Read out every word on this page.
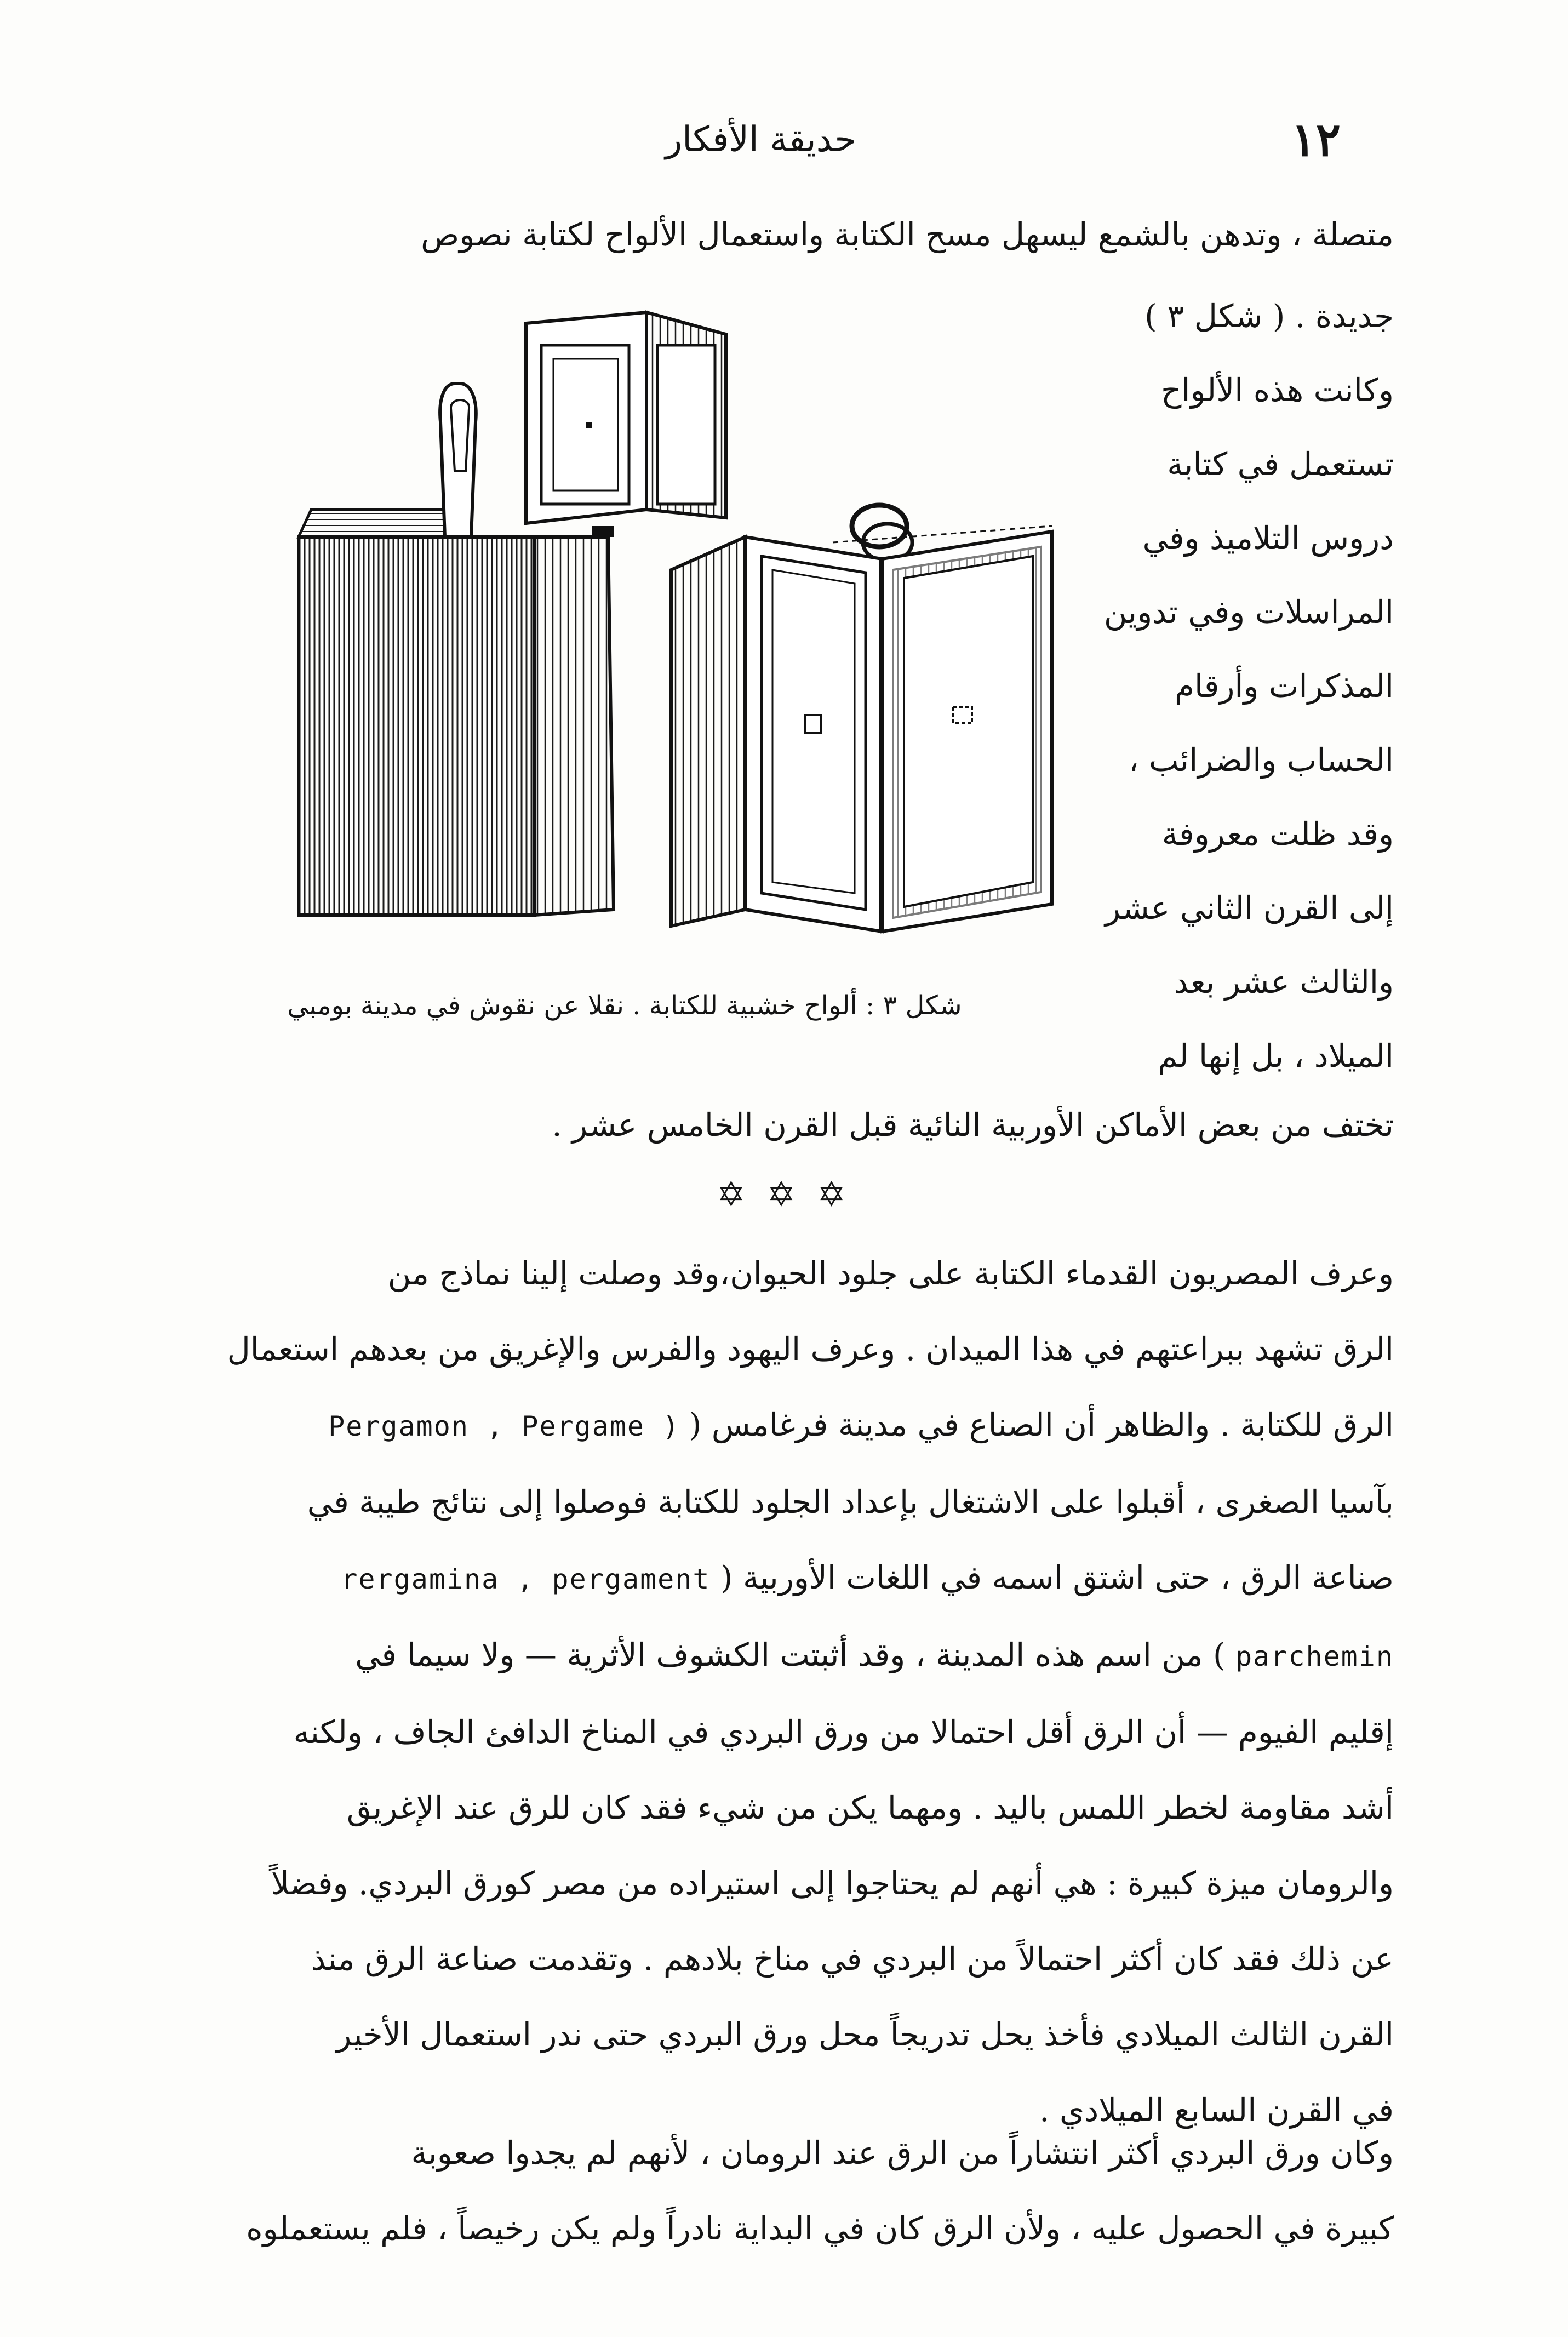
١٢
حديقة الأفكار

متصلة ، وتدهن بالشمع ليسهل مسح الكتابة واستعمال الألواح لكتابة نصوص

جديدة . ( شكل ٣ )

وكانت هذه الألواح

تستعمل في كتابة

دروس التلاميذ وفي

المراسلات وفي تدوين

المذكرات وأرقام

الحساب والضرائب ،

وقد ظلت معروفة

إلى القرن الثاني عشر

والثالث عشر بعد

الميلاد ، بل إنها لم

شكل ٣ : ألواح خشبية للكتابة . نقلا عن نقوش في مدينة بومبي

تختف من بعض الأماكن الأوربية النائية قبل القرن الخامس عشر .

✡ ✡ ✡

وعرف المصريون القدماء الكتابة على جلود الحيوان،وقد وصلت إلينا نماذج من

الرق تشهد ببراعتهم في هذا الميدان . وعرف اليهود والفرس والإغريق من بعدهم استعمال

الرق للكتابة . والظاهر أن الصناع في مدينة فرغامس ( Pergamon , Pergame )

بآسيا الصغرى ، أقبلوا على الاشتغال بإعداد الجلود للكتابة فوصلوا إلى نتائج طيبة في

صناعة الرق ، حتى اشتق اسمه في اللغات الأوربية ( rergamina , pergament

parchemin ) من اسم هذه المدينة ، وقد أثبتت الكشوف الأثرية — ولا سيما في

إقليم الفيوم — أن الرق أقل احتمالا من ورق البردي في المناخ الدافئ الجاف ، ولكنه

أشد مقاومة لخطر اللمس باليد . ومهما يكن من شيء فقد كان للرق عند الإغريق

والرومان ميزة كبيرة : هي أنهم لم يحتاجوا إلى استيراده من مصر كورق البردي. وفضلاً

عن ذلك فقد كان أكثر احتمالاً من البردي في مناخ بلادهم . وتقدمت صناعة الرق منذ

القرن الثالث الميلادي فأخذ يحل تدريجاً محل ورق البردي حتى ندر استعمال الأخير

في القرن السابع الميلادي .

وكان ورق البردي أكثر انتشاراً من الرق عند الرومان ، لأنهم لم يجدوا صعوبة

كبيرة في الحصول عليه ، ولأن الرق كان في البداية نادراً ولم يكن رخيصاً ، فلم يستعملوه
